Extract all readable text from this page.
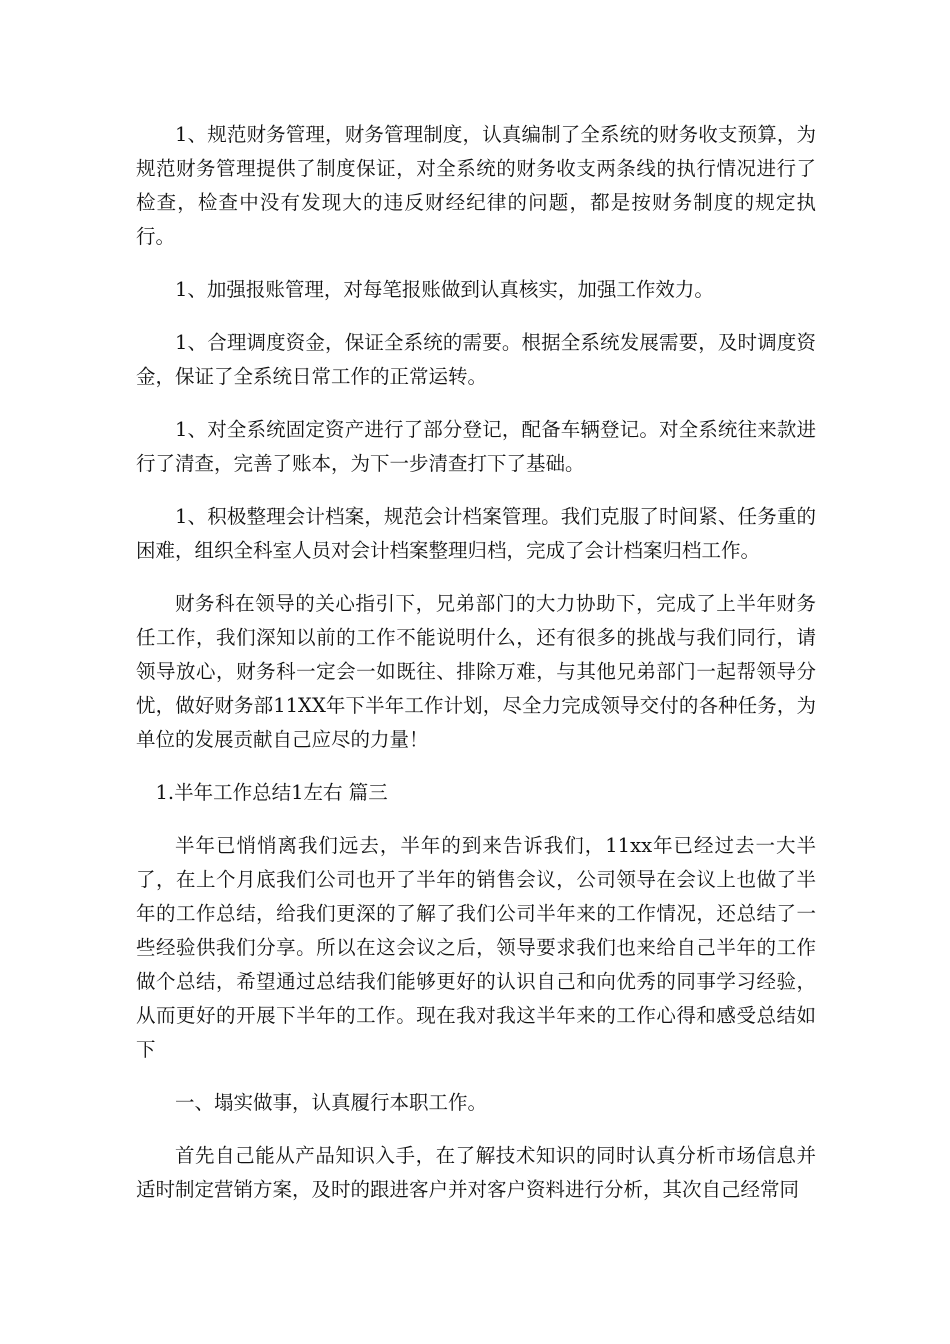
1、规范财务管理，财务管理制度，认真编制了全系统的财务收支预算，为规范财务管理提供了制度保证，对全系统的财务收支两条线的执行情况进行了检查，检查中没有发现大的违反财经纪律的问题，都是按财务制度的规定执行。

1、加强报账管理，对每笔报账做到认真核实，加强工作效力。

1、合理调度资金，保证全系统的需要。根据全系统发展需要，及时调度资金，保证了全系统日常工作的正常运转。

1、对全系统固定资产进行了部分登记，配备车辆登记。对全系统往来款进行了清查，完善了账本，为下一步清查打下了基础。

1、积极整理会计档案，规范会计档案管理。我们克服了时间紧、任务重的困难，组织全科室人员对会计档案整理归档，完成了会计档案归档工作。

财务科在领导的关心指引下，兄弟部门的大力协助下，完成了上半年财务任工作，我们深知以前的工作不能说明什么，还有很多的挑战与我们同行，请领导放心，财务科一定会一如既往、排除万难，与其他兄弟部门一起帮领导分忧，做好财务部11XX年下半年工作计划，尽全力完成领导交付的各种任务，为单位的发展贡献自己应尽的力量！

1.半年工作总结1左右 篇三

半年已悄悄离我们远去，半年的到来告诉我们，11xx年已经过去一大半了，在上个月底我们公司也开了半年的销售会议，公司领导在会议上也做了半年的工作总结，给我们更深的了解了我们公司半年来的工作情况，还总结了一些经验供我们分享。所以在这会议之后，领导要求我们也来给自己半年的工作做个总结，希望通过总结我们能够更好的认识自己和向优秀的同事学习经验，从而更好的开展下半年的工作。现在我对我这半年来的工作心得和感受总结如下

一、塌实做事，认真履行本职工作。

首先自己能从产品知识入手，在了解技术知识的同时认真分析市场信息并适时制定营销方案，及时的跟进客户并对客户资料进行分析，其次自己经常同
